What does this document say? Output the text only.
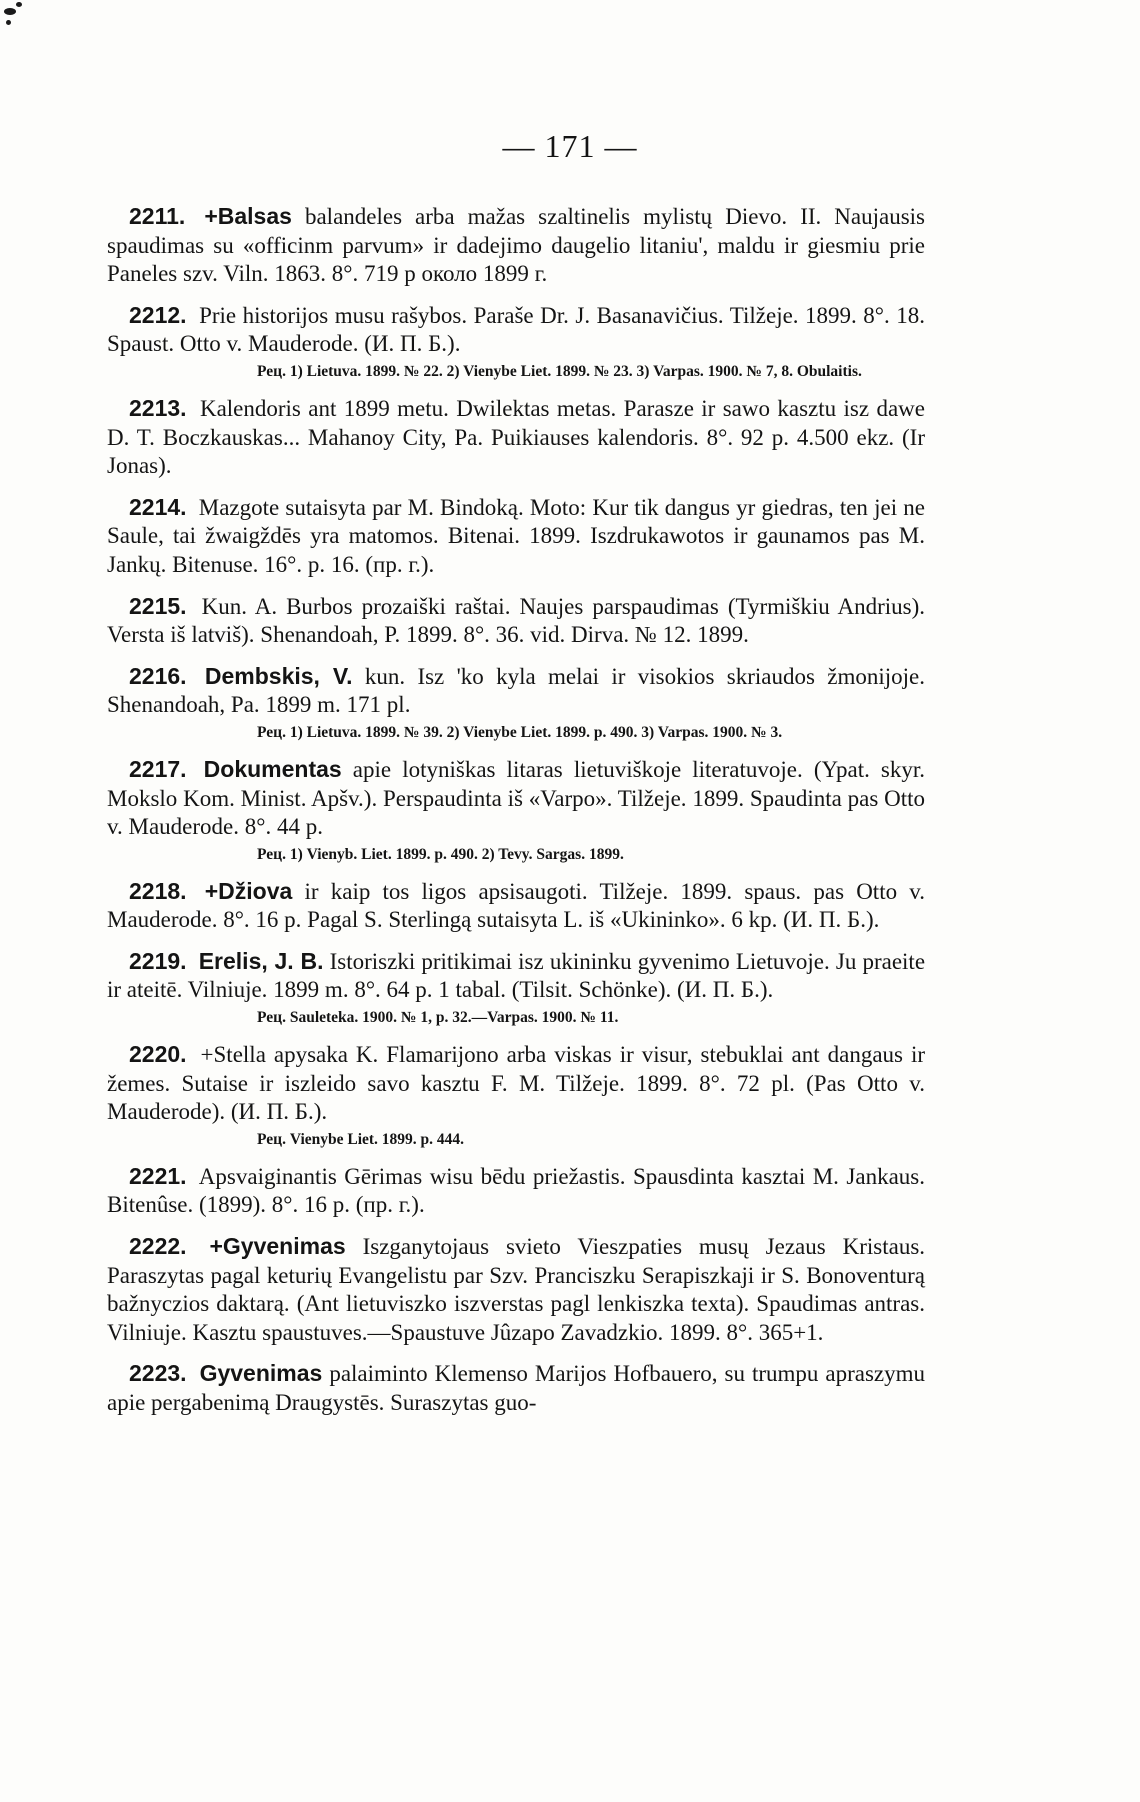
— 171 —
2211. +Balsas balandeles arba mažas szaltinelis mylistų Dievo. II. Naujausis spaudimas su «officinm parvum» ir dadejimo daugelio litaniu', maldu ir giesmiu prie Paneles szv. Viln. 1863. 8°. 719 p около 1899 г.
2212. Prie historijos musu rašybos. Paraše Dr. J. Basanavičius. Tilžeje. 1899. 8°. 18. Spaust. Otto v. Mauderode. (И. П. Б.).
Рец. 1) Lietuva. 1899. № 22. 2) Vienybe Liet. 1899. № 23. 3) Varpas. 1900. № 7, 8. Obulaitis.
2213. Kalendoris ant 1899 metu. Dwilektas metas. Parasze ir sawo kasztu isz dawe D. T. Boczkauskas... Mahanoy City, Pa. Puikiauses kalendoris. 8°. 92 p. 4.500 ekz. (Ir Jonas).
2214. Mazgote sutaisyta par M. Bindoką. Moto: Kur tik dangus yr giedras, ten jei ne Saule, tai žwaigždēs yra matomos. Bitenai. 1899. Iszdrukawotos ir gaunamos pas M. Jankų. Bitenuse. 16°. p. 16. (пр. г.).
2215. Kun. A. Burbos prozaiški raštai. Naujes parspaudimas (Tyrmiškiu Andrius). Versta iš latviš). Shenandoah, P. 1899. 8°. 36. vid. Dirva. № 12. 1899.
2216. Dembskis, V. kun. Isz 'ko kyla melai ir visokios skriaudos žmonijoje. Shenandoah, Pa. 1899 m. 171 pl.
Рец. 1) Lietuva. 1899. № 39. 2) Vienybe Liet. 1899. p. 490. 3) Varpas. 1900. № 3.
2217. Dokumentas apie lotyniškas litaras lietuviškoje literatuvoje. (Ypat. skyr. Mokslo Kom. Minist. Apšv.). Perspaudinta iš «Varpo». Tilžeje. 1899. Spaudinta pas Otto v. Mauderode. 8°. 44 p.
Рец. 1) Vienyb. Liet. 1899. p. 490. 2) Tevy. Sargas. 1899.
2218. +Džiova ir kaip tos ligos apsisaugoti. Tilžeje. 1899. spaus. pas Otto v. Mauderode. 8°. 16 p. Pagal S. Sterlingą sutaisyta L. iš «Ukininko». 6 kp. (И. П. Б.).
2219. Erelis, J. B. Istoriszki pritikimai isz ukininku gyvenimo Lietuvoje. Ju praeite ir ateitē. Vilniuje. 1899 m. 8°. 64 p. 1 tabal. (Tilsit. Schönke). (И. П. Б.).
Рец. Sauleteka. 1900. № 1, p. 32.—Varpas. 1900. № 11.
2220. +Stella apysaka K. Flamarijono arba viskas ir visur, stebuklai ant dangaus ir žemes. Sutaise ir iszleido savo kasztu F. M. Tilžeje. 1899. 8°. 72 pl. (Pas Otto v. Mauderode). (И. П. Б.).
Рец. Vienybe Liet. 1899. p. 444.
2221. Apsvaiginantis Gērimas wisu bēdu priežastis. Spausdinta kasztai M. Jankaus. Bitenûse. (1899). 8°. 16 p. (пр. г.).
2222. +Gyvenimas Iszganytojaus svieto Vieszpaties musų Jezaus Kristaus. Paraszytas pagal keturių Evangelistu par Szv. Pranciszku Serapiszkaji ir S. Bonoventurą bažnyczios daktarą. (Ant lietuviszko iszverstas pagl lenkiszka texta). Spaudimas antras. Vilniuje. Kasztu spaustuves.—Spaustuve Jûzapo Zavadzkio. 1899. 8°. 365+1.
2223. Gyvenimas palaiminto Klemenso Marijos Hofbauero, su trumpu apraszymu apie pergabenimą Draugystēs. Suraszytas guo-
